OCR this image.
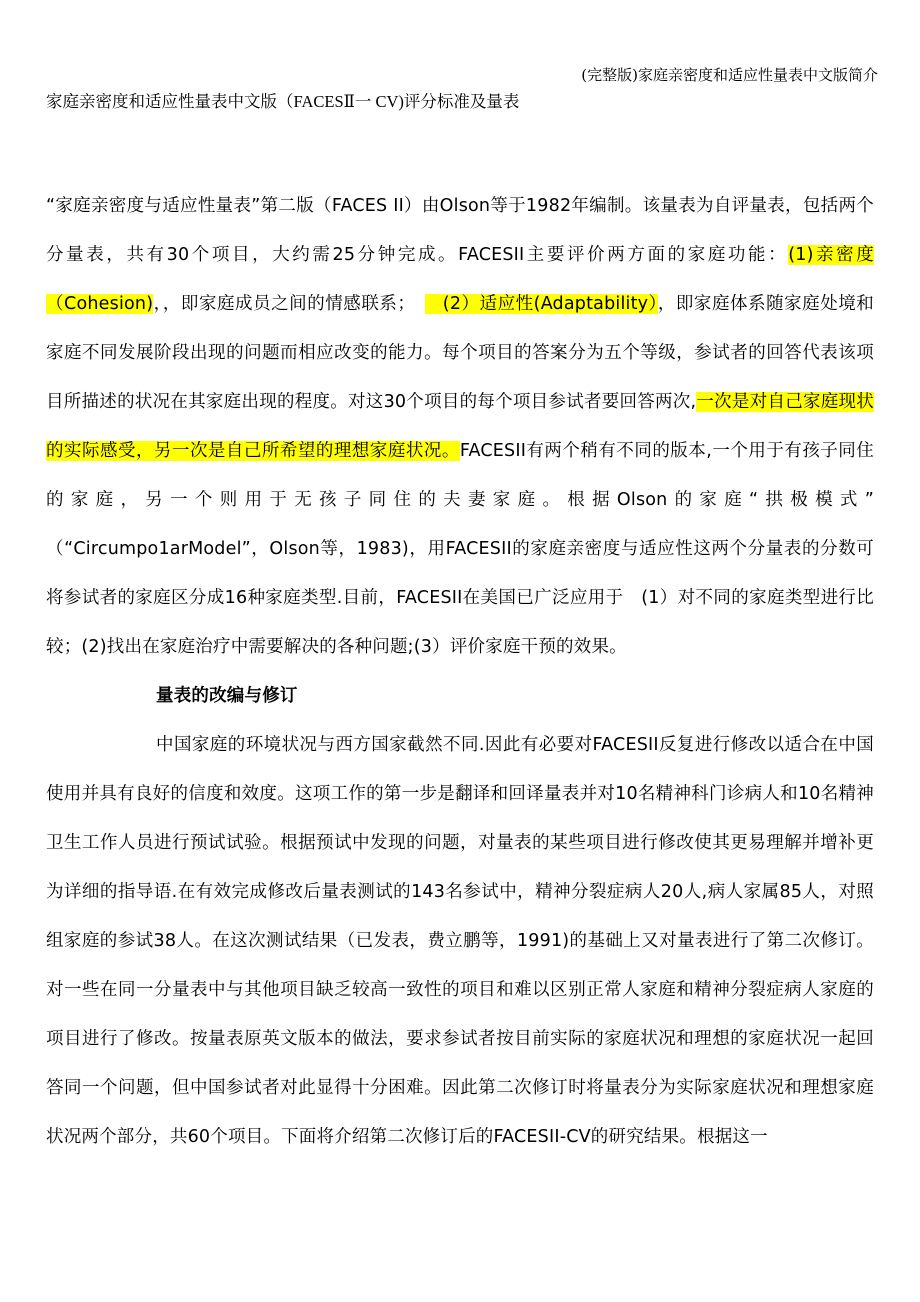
(完整版)家庭亲密度和适应性量表中文版简介
家庭亲密度和适应性量表中文版（FACESⅡ一 CV)评分标准及量表

“家庭亲密度与适应性量表”第二版（FACES II）由Olson等于1982年编制。该量表为自评量表，包括两个分量表，共有30个项目，大约需25分钟完成。FACESII主要评价两方面的家庭功能：(1)亲密度（Cohesion)，，即家庭成员之间的情感联系；　　(2）适应性(Adaptability），即家庭体系随家庭处境和家庭不同发展阶段出现的问题而相应改变的能力。每个项目的答案分为五个等级，参试者的回答代表该项目所描述的状况在其家庭出现的程度。对这30个项目的每个项目参试者要回答两次,一次是对自己家庭现状的实际感受，另一次是自己所希望的理想家庭状况。FACESII有两个稍有不同的版本,一个用于有孩子同住的家庭，另一个则用于无孩子同住的夫妻家庭。根据Olson的家庭“拱极模式”　　（“Circumpo1arModel”，Olson等，1983)，用FACESII的家庭亲密度与适应性这两个分量表的分数可将参试者的家庭区分成16种家庭类型.目前，FACESII在美国已广泛应用于　(1）对不同的家庭类型进行比较；(2)找出在家庭治疗中需要解决的各种问题;(3）评价家庭干预的效果。

量表的改编与修订

中国家庭的环境状况与西方国家截然不同.因此有必要对FACESII反复进行修改以适合在中国使用并具有良好的信度和效度。这项工作的第一步是翻译和回译量表并对10名精神科门诊病人和10名精神卫生工作人员进行预试试验。根据预试中发现的问题，对量表的某些项目进行修改使其更易理解并增补更为详细的指导语.在有效完成修改后量表测试的143名参试中，精神分裂症病人20人,病人家属85人，对照组家庭的参试38人。在这次测试结果（已发表，费立鹏等，1991)的基础上又对量表进行了第二次修订。对一些在同一分量表中与其他项目缺乏较高一致性的项目和难以区别正常人家庭和精神分裂症病人家庭的项目进行了修改。按量表原英文版本的做法，要求参试者按目前实际的家庭状况和理想的家庭状况一起回答同一个问题，但中国参试者对此显得十分困难。因此第二次修订时将量表分为实际家庭状况和理想家庭状况两个部分，共60个项目。下面将介绍第二次修订后的FACESII-CV的研究结果。根据这一
